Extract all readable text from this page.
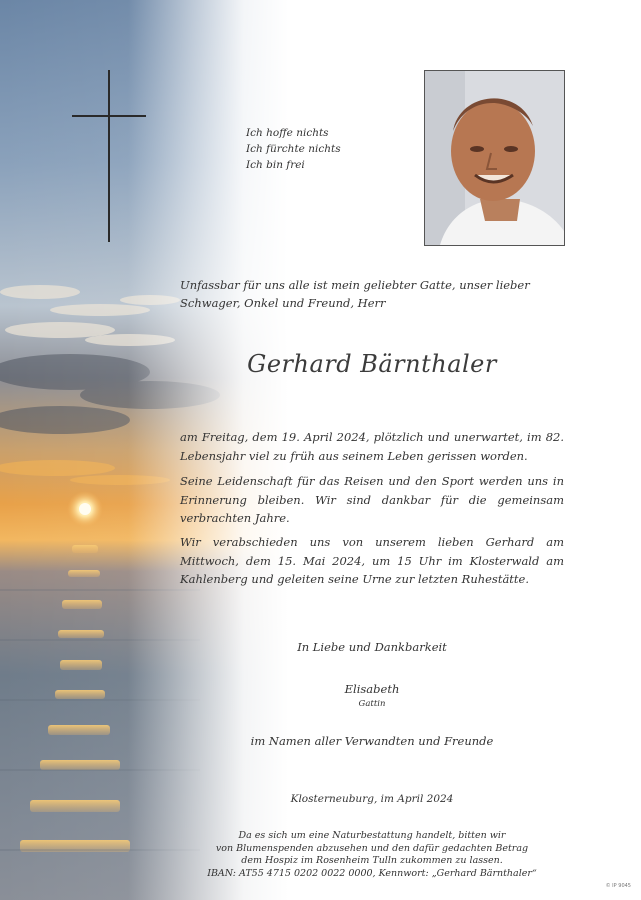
Ich hoffe nichts
Ich fürchte nichts
Ich bin frei
Unfassbar für uns alle ist mein geliebter Gatte, unser lieber Schwager, Onkel und Freund, Herr
Gerhard Bärnthaler
am Freitag, dem 19. April 2024, plötzlich und unerwartet, im 82. Lebensjahr viel zu früh aus seinem Leben gerissen worden.
Seine Leidenschaft für das Reisen und den Sport werden uns in Erinnerung bleiben. Wir sind dankbar für die gemeinsam verbrachten Jahre.
Wir verabschieden uns von unserem lieben Gerhard am Mittwoch, dem 15. Mai 2024, um 15 Uhr im Klosterwald am Kahlenberg und geleiten seine Urne zur letzten Ruhestätte.
In Liebe und Dankbarkeit
Elisabeth
Gattin
im Namen aller Verwandten und Freunde
Klosterneuburg, im April 2024
Da es sich um eine Naturbestattung handelt, bitten wir
von Blumenspenden abzusehen und den dafür gedachten Betrag
dem Hospiz im Rosenheim Tulln zukommen zu lassen.
IBAN: AT55 4715 0202 0022 0000, Kennwort: „Gerhard Bärnthaler“
© IP 9045
